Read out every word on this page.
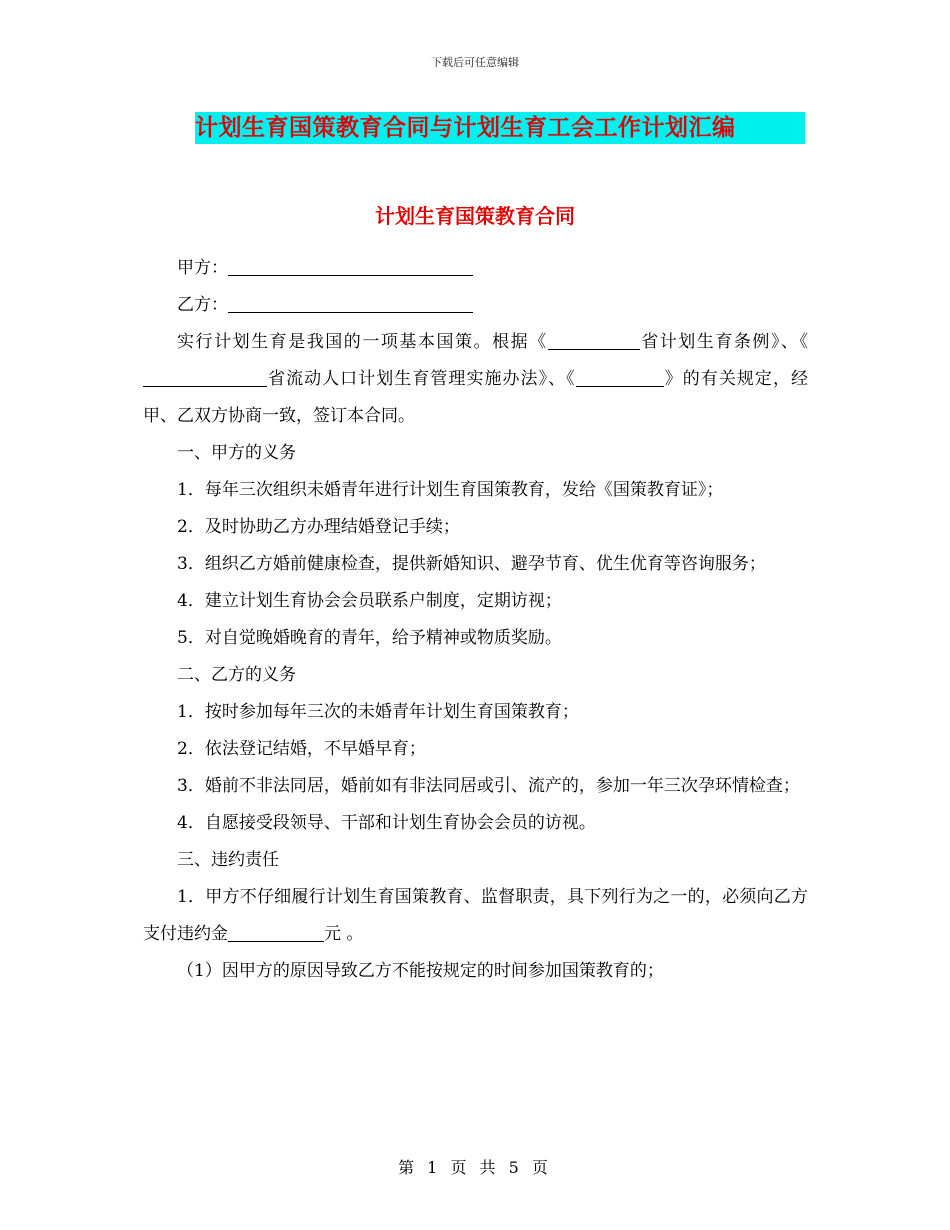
下载后可任意编辑
计划生育国策教育合同与计划生育工会工作计划汇编
计划生育国策教育合同

甲方：

乙方：

实行计划生育是我国的一项基本国策。根据《	省计划生育条例》、《省流动人口计划生育管理实施办法》、《	》的有关规定，经甲、乙双方协商一致，签订本合同。

一、甲方的义务

1．每年三次组织未婚青年进行计划生育国策教育，发给《国策教育证》；

2．及时协助乙方办理结婚登记手续；

3．组织乙方婚前健康检查，提供新婚知识、避孕节育、优生优育等咨询服务；

4．建立计划生育协会会员联系户制度，定期访视；

5．对自觉晚婚晚育的青年，给予精神或物质奖励。

二、乙方的义务

1．按时参加每年三次的未婚青年计划生育国策教育；

2．依法登记结婚，不早婚早育；

3．婚前不非法同居，婚前如有非法同居或引、流产的，参加一年三次孕环情检查；

4．自愿接受段领导、干部和计划生育协会会员的访视。

三、违约责任

1．甲方不仔细履行计划生育国策教育、监督职责，具下列行为之一的，必须向乙方支付违约金	元 。

（1）因甲方的原因导致乙方不能按规定的时间参加国策教育的；

第 1 页 共 5 页
